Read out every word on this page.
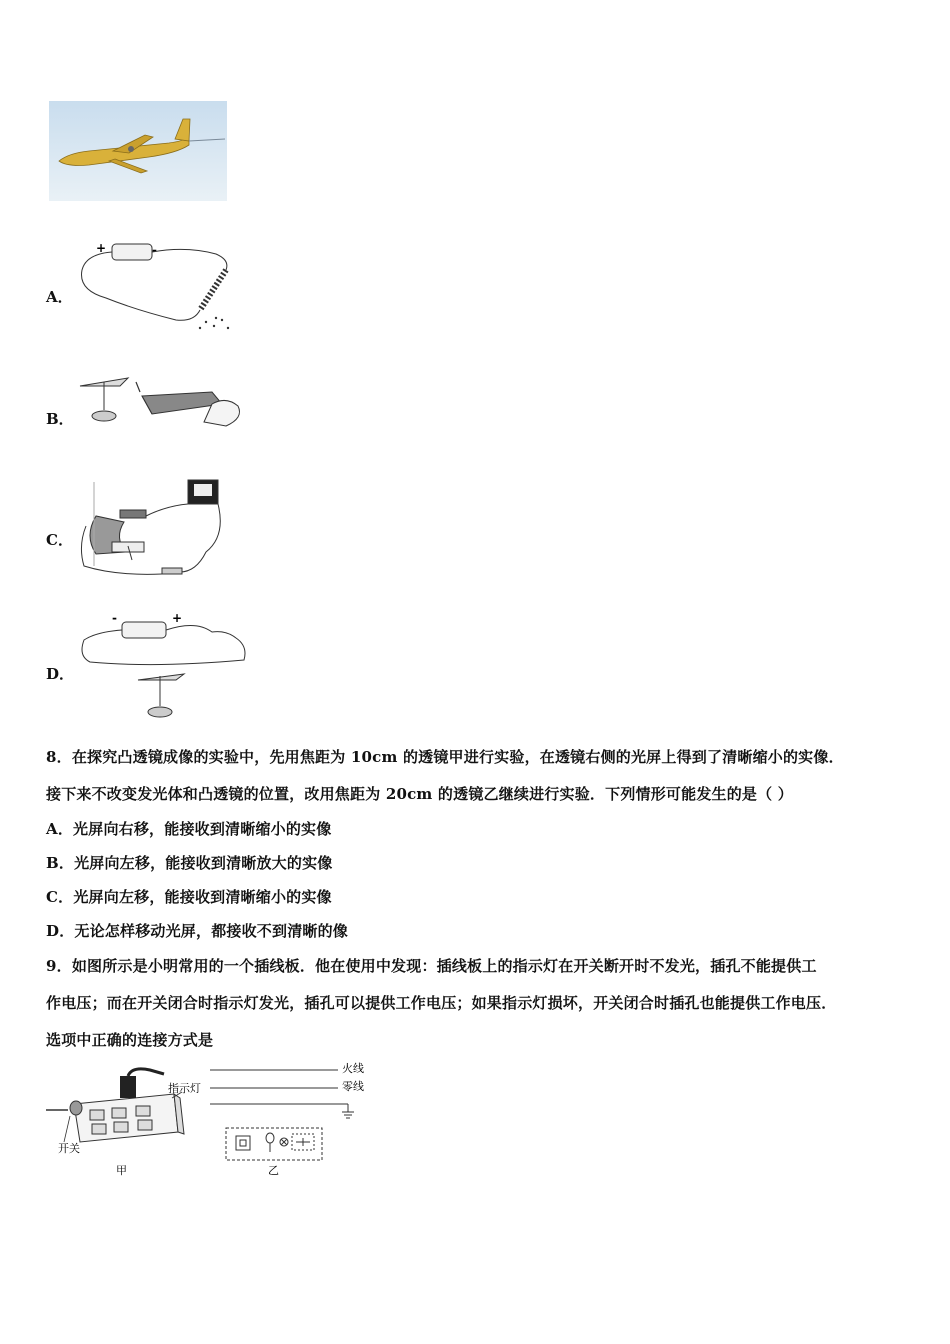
A．
+	-
B．
C．
D．
-	+
8．在探究凸透镜成像的实验中，先用焦距为 10cm 的透镜甲进行实验，在透镜右侧的光屏上得到了清晰缩小的实像．
接下来不改变发光体和凸透镜的位置，改用焦距为 20cm 的透镜乙继续进行实验．下列情形可能发生的是（ ）
A．光屏向右移，能接收到清晰缩小的实像
B．光屏向左移，能接收到清晰放大的实像
C．光屏向左移，能接收到清晰缩小的实像
D．无论怎样移动光屏，都接收不到清晰的像
9．如图所示是小明常用的一个插线板．他在使用中发现：插线板上的指示灯在开关断开时不发光，插孔不能提供工
作电压；而在开关闭合时指示灯发光，插孔可以提供工作电压；如果指示灯损坏，开关闭合时插孔也能提供工作电压．
选项中正确的连接方式是
指示灯
开关
甲
火线
零线
乙
